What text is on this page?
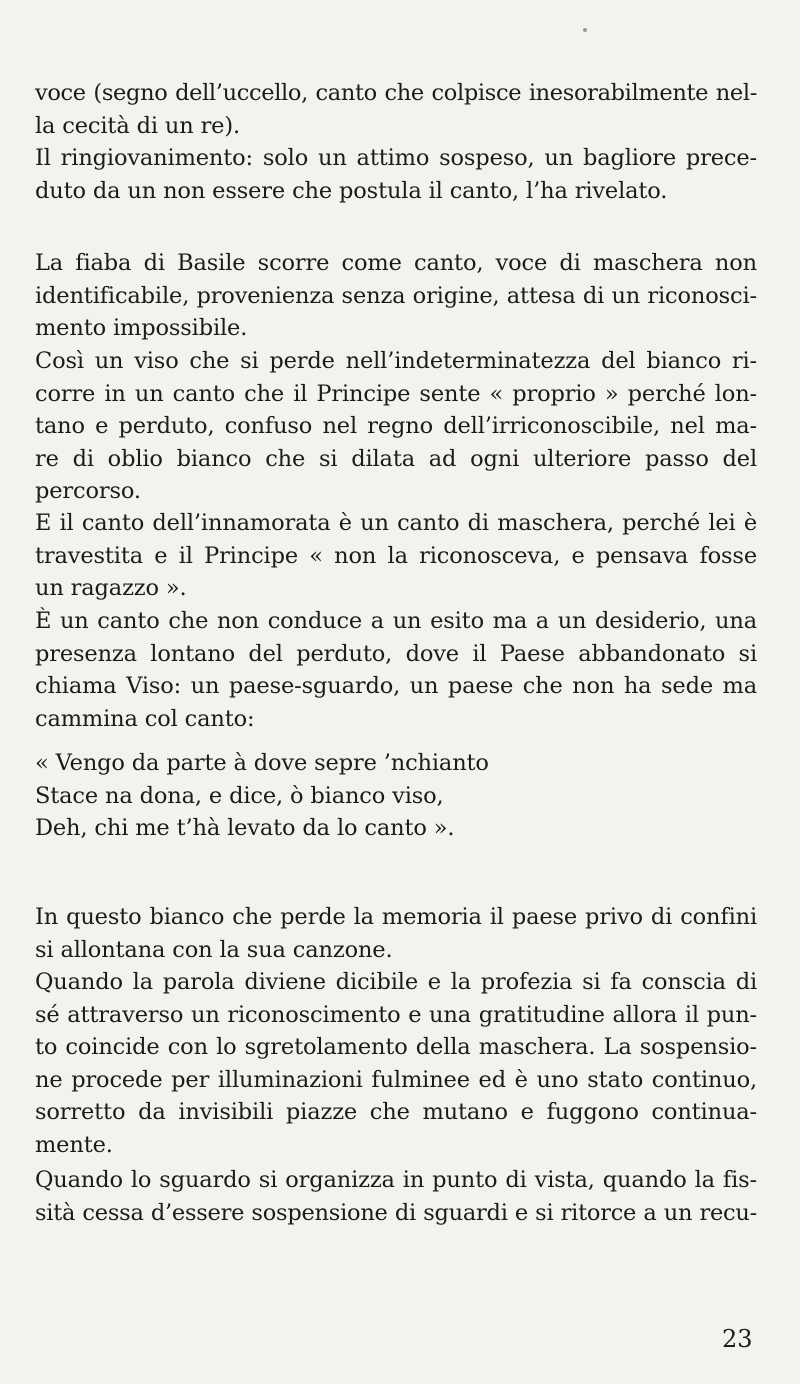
voce (segno dell’uccello, canto che colpisce inesorabilmente nel-
la cecità di un re).
Il ringiovanimento: solo un attimo sospeso, un bagliore prece-
duto da un non essere che postula il canto, l’ha rivelato.
La fiaba di Basile scorre come canto, voce di maschera non
identificabile, provenienza senza origine, attesa di un riconosci-
mento impossibile.
Così un viso che si perde nell’indeterminatezza del bianco ri-
corre in un canto che il Principe sente « proprio » perché lon-
tano e perduto, confuso nel regno dell’irriconoscibile, nel ma-
re di oblio bianco che si dilata ad ogni ulteriore passo del
percorso.
E il canto dell’innamorata è un canto di maschera, perché lei è
travestita e il Principe « non la riconosceva, e pensava fosse
un ragazzo ».
È un canto che non conduce a un esito ma a un desiderio, una
presenza lontano del perduto, dove il Paese abbandonato si
chiama Viso: un paese-sguardo, un paese che non ha sede ma
cammina col canto:
« Vengo da parte à dove sepre ’nchianto
Stace na dona, e dice, ò bianco viso,
Deh, chi me t’hà levato da lo canto ».
In questo bianco che perde la memoria il paese privo di confini
si allontana con la sua canzone.
Quando la parola diviene dicibile e la profezia si fa conscia di
sé attraverso un riconoscimento e una gratitudine allora il pun-
to coincide con lo sgretolamento della maschera. La sospensio-
ne procede per illuminazioni fulminee ed è uno stato continuo,
sorretto da invisibili piazze che mutano e fuggono continua-
mente.
Quando lo sguardo si organizza in punto di vista, quando la fis-
sità cessa d’essere sospensione di sguardi e si ritorce a un recu-
23
